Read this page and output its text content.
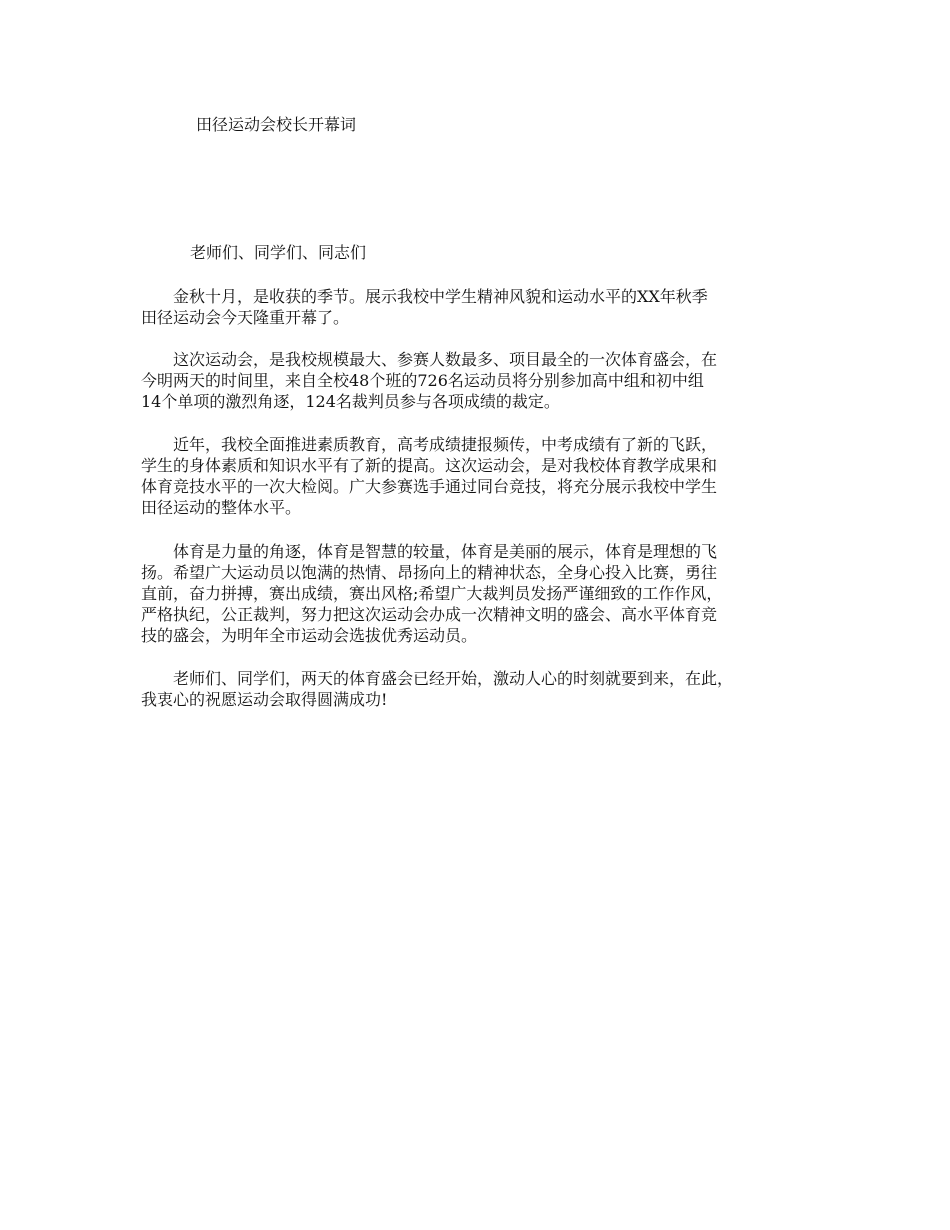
田径运动会校长开幕词
老师们、同学们、同志们
　　金秋十月，是收获的季节。展示我校中学生精神风貌和运动水平的XX年秋季
田径运动会今天隆重开幕了。
　　这次运动会，是我校规模最大、参赛人数最多、项目最全的一次体育盛会，在
今明两天的时间里，来自全校48个班的726名运动员将分别参加高中组和初中组
14个单项的激烈角逐，124名裁判员参与各项成绩的裁定。
　　近年，我校全面推进素质教育，高考成绩捷报频传，中考成绩有了新的飞跃，
学生的身体素质和知识水平有了新的提高。这次运动会，是对我校体育教学成果和
体育竞技水平的一次大检阅。广大参赛选手通过同台竞技，将充分展示我校中学生
田径运动的整体水平。
　　体育是力量的角逐，体育是智慧的较量，体育是美丽的展示，体育是理想的飞
扬。希望广大运动员以饱满的热情、昂扬向上的精神状态，全身心投入比赛，勇往
直前，奋力拼搏，赛出成绩，赛出风格;希望广大裁判员发扬严谨细致的工作作风，
严格执纪，公正裁判，努力把这次运动会办成一次精神文明的盛会、高水平体育竞
技的盛会，为明年全市运动会选拔优秀运动员。
　　老师们、同学们，两天的体育盛会已经开始，激动人心的时刻就要到来，在此，
我衷心的祝愿运动会取得圆满成功!
